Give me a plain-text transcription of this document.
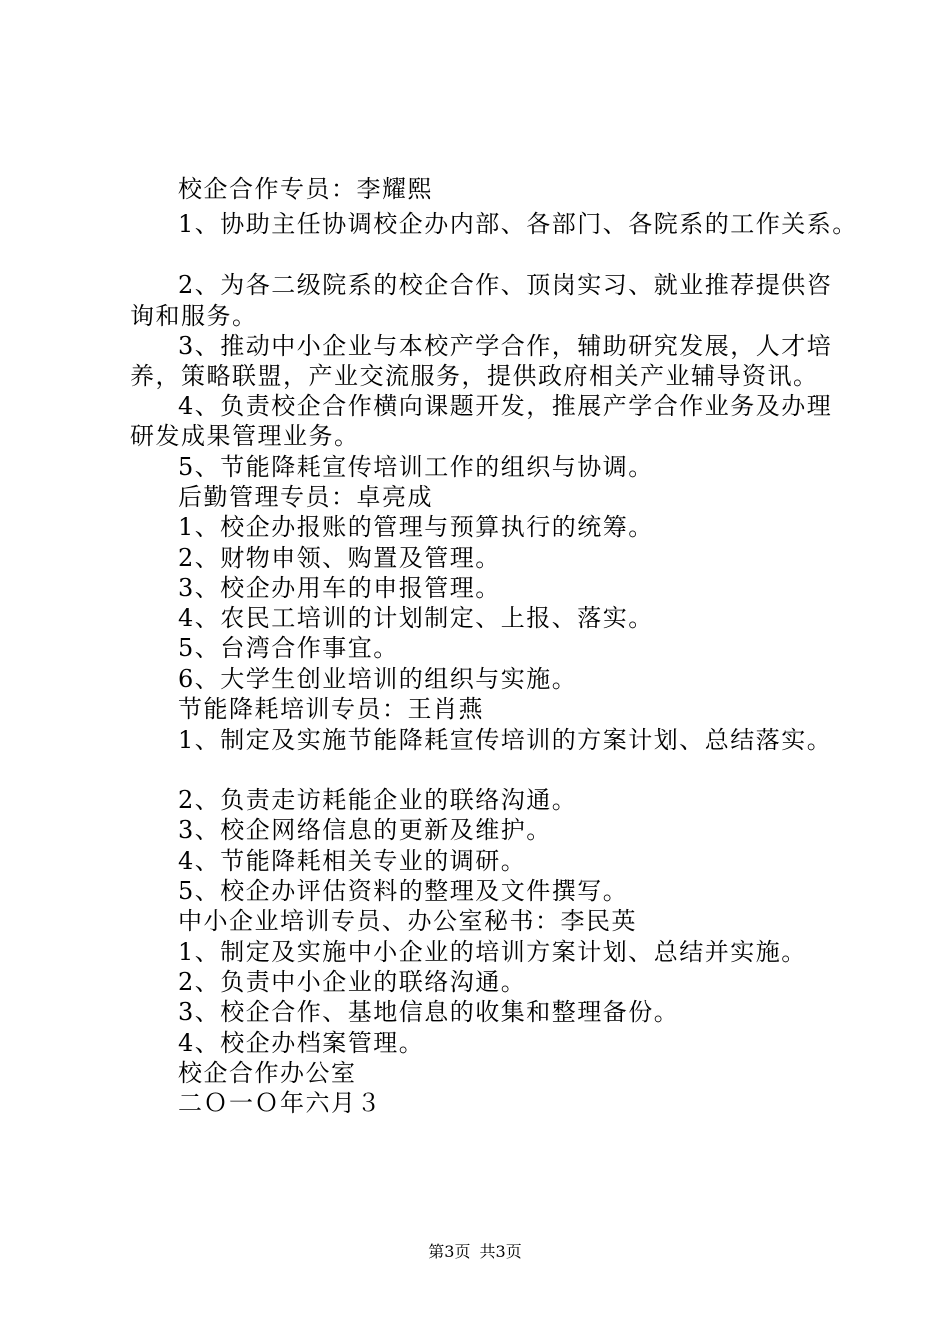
校企合作专员：李耀熙
1、协助主任协调校企办内部、各部门、各院系的工作关系。
2、为各二级院系的校企合作、顶岗实习、就业推荐提供咨
询和服务。
3、推动中小企业与本校产学合作，辅助研究发展，人才培
养，策略联盟，产业交流服务，提供政府相关产业辅导资讯。
4、负责校企合作横向课题开发，推展产学合作业务及办理
研发成果管理业务。
5、节能降耗宣传培训工作的组织与协调。
后勤管理专员：卓亮成
1、校企办报账的管理与预算执行的统筹。
2、财物申领、购置及管理。
3、校企办用车的申报管理。
4、农民工培训的计划制定、上报、落实。
5、台湾合作事宜。
6、大学生创业培训的组织与实施。
节能降耗培训专员：王肖燕
1、制定及实施节能降耗宣传培训的方案计划、总结落实。
2、负责走访耗能企业的联络沟通。
3、校企网络信息的更新及维护。
4、节能降耗相关专业的调研。
5、校企办评估资料的整理及文件撰写。
中小企业培训专员、办公室秘书：李民英
1、制定及实施中小企业的培训方案计划、总结并实施。
2、负责中小企业的联络沟通。
3、校企合作、基地信息的收集和整理备份。
4、校企办档案管理。
校企合作办公室
二Ｏ一Ｏ年六月３
第3页 共3页
